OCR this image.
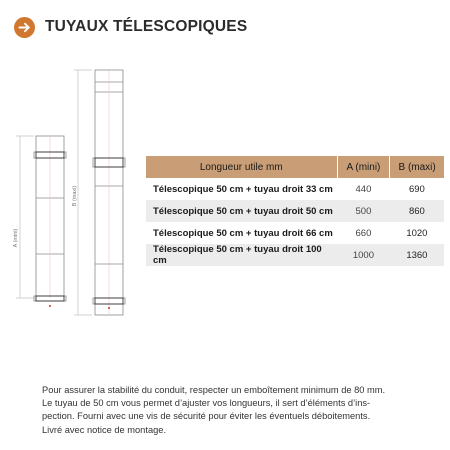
TUYAUX TÉLESCOPIQUES
A (mini)
B (maxi)
Longueur utile mm	A (mini)	B (maxi)
Télescopique 50 cm + tuyau droit 33 cm	440	690
Télescopique 50 cm + tuyau droit 50 cm	500	860
Télescopique 50 cm + tuyau droit 66 cm	660	1020
Télescopique 50 cm + tuyau droit 100 cm	1000	1360

Pour assurer la stabilité du conduit, respecter un emboîtement minimum de 80 mm.

Le tuyau de 50 cm vous permet d’ajuster vos longueurs, il sert d’éléments d’ins-

pection. Fourni avec une vis de sécurité pour éviter les éventuels déboitements.

Livré avec notice de montage.
